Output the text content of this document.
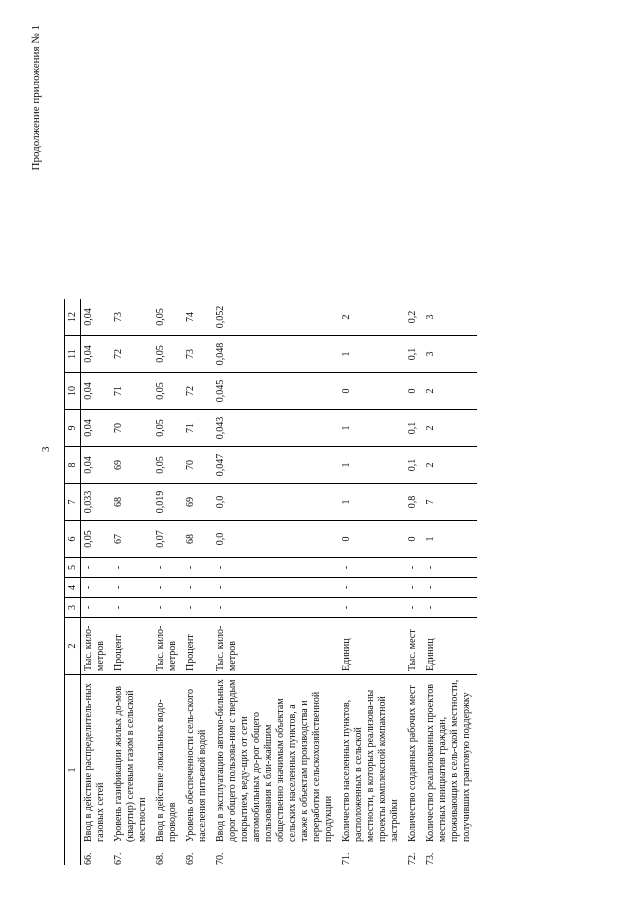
3
Продолжение приложения № 1
1		2	3	4	5	6	7	8	9	10	11	12
66.	Ввод в действие распределитель-ных газовых сетей	Тыс. кило-метров	-	-	-	0,05	0,033	0,04	0,04	0,04	0,04	0,04
67.	Уровень газификации жилых до-мов (квартир) сетевым газом в сельской местности	Процент	-	-	-	67	68	69	70	71	72	73
68.	Ввод в действие локальных водо-проводов	Тыс. кило-метров	-	-	-	0,07	0,019	0,05	0,05	0,05	0,05	0,05
69.	Уровень обеспеченности сель-ского населения питьевой водой	Процент	-	-	-	68	69	70	71	72	73	74
70.	Ввод в эксплуатацию автомо-бильных дорог общего пользова-ния с твердым покрытием, веду-щих от сети автомобильных до-рог общего пользования к бли-жайшим общественно значимым объектам сельских населенных пунктов, а также к объектам производства и переработки сельскохозяйственной продукции	Тыс. кило-метров	-	-	-	0,0	0,0	0,047	0,043	0,045	0,048	0,052
71.	Количество населенных пунктов, расположенных в сельской местности, в которых реализова-ны проекты комплексной компактной застройки	Единиц	-	-	-	0	1	1	1	0	1	2
72.	Количество созданных рабочих мест	Тыс. мест	-	-	-	0	0,8	0,1	0,1	0	0,1	0,2
73.	Количество реализованных проектов местных инициатив граждан, проживающих в сель-ской местности, получивших грантовую поддержку	Единиц	-	-	-	1	7	2	2	2	3	3
